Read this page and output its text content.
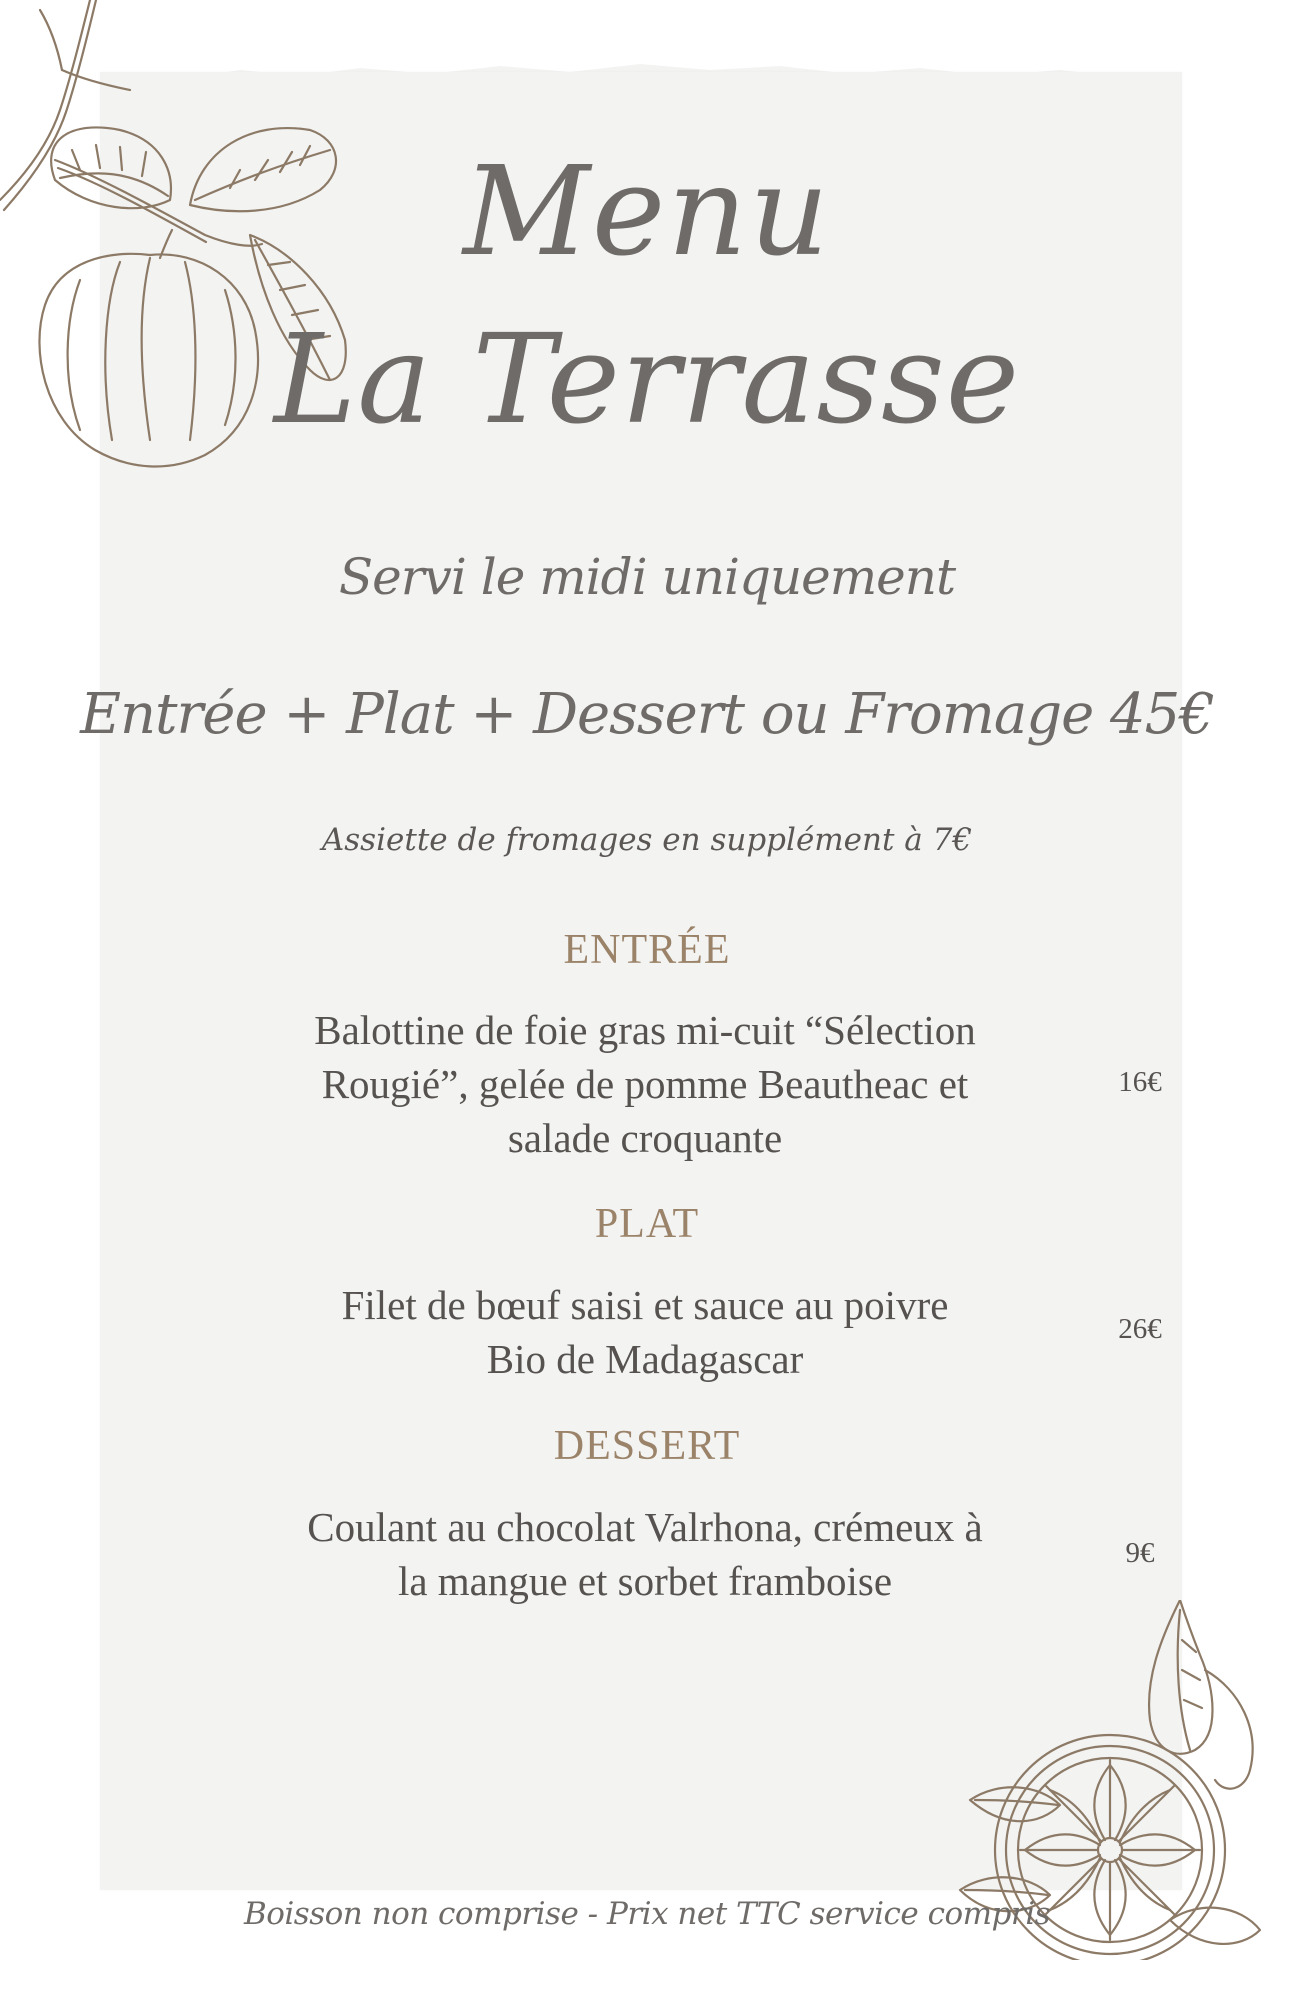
Menu
La Terrasse
Servi le midi uniquement
Entrée + Plat + Dessert ou Fromage 45€
Assiette de fromages en supplément à 7€
ENTRÉE
Balottine de foie gras mi-cuit “Sélection
Rougié”, gelée de pomme Beautheac et
salade croquante
16€
PLAT
Filet de bœuf saisi et sauce au poivre
Bio de Madagascar
26€
DESSERT
Coulant au chocolat Valrhona, crémeux à
la mangue et sorbet framboise
9€
Boisson non comprise - Prix net TTC service compris
